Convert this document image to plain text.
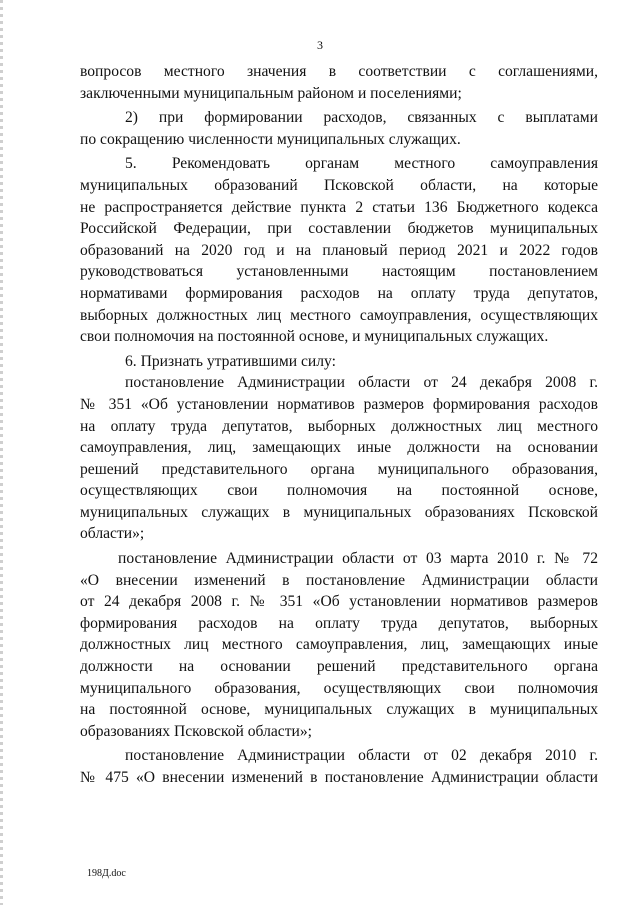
3
вопросов местного значения в соответствии с соглашениями,
заключенными муниципальным районом и поселениями;
2) при формировании расходов, связанных с выплатами
по сокращению численности муниципальных служащих.
5. Рекомендовать органам местного самоуправления
муниципальных образований Псковской области, на которые
не распространяется действие пункта 2 статьи 136 Бюджетного кодекса
Российской Федерации, при составлении бюджетов муниципальных
образований на 2020 год и на плановый период 2021 и 2022 годов
руководствоваться установленными настоящим постановлением
нормативами формирования расходов на оплату труда депутатов,
выборных должностных лиц местного самоуправления, осуществляющих
свои полномочия на постоянной основе, и муниципальных служащих.
6. Признать утратившими силу:
постановление Администрации области от 24 декабря 2008 г.
№ 351 «Об установлении нормативов размеров формирования расходов
на оплату труда депутатов, выборных должностных лиц местного
самоуправления, лиц, замещающих иные должности на основании
решений представительного органа муниципального образования,
осуществляющих свои полномочия на постоянной основе,
муниципальных служащих в муниципальных образованиях Псковской
области»;
постановление Администрации области от 03 марта 2010 г. № 72
«О внесении изменений в постановление Администрации области
от 24 декабря 2008 г. № 351 «Об установлении нормативов размеров
формирования расходов на оплату труда депутатов, выборных
должностных лиц местного самоуправления, лиц, замещающих иные
должности на основании решений представительного органа
муниципального образования, осуществляющих свои полномочия
на постоянной основе, муниципальных служащих в муниципальных
образованиях Псковской области»;
постановление Администрации области от 02 декабря 2010 г.
№ 475 «О внесении изменений в постановление Администрации области
198Д.doc
